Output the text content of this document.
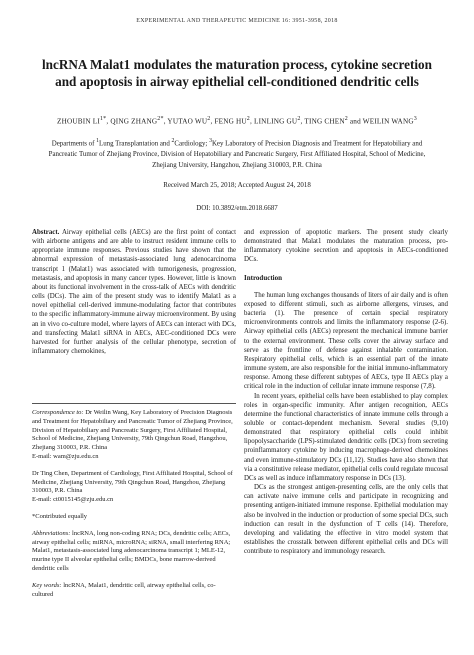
EXPERIMENTAL AND THERAPEUTIC MEDICINE 16: 3951-3958, 2018
lncRNA Malat1 modulates the maturation process, cytokine secretion and apoptosis in airway epithelial cell-conditioned dendritic cells
ZHOUBIN $LI^{1*}$, QING $ZHANG^{2*}$, YUTAO $WU^2$, FENG $HU^2$, LINLING $GU^2$, TING CHEN$^2$ and WEILIN WANG$^3$
Departments of $^1$Lung Transplantation and $^2$Cardiology; $^3$Key Laboratory of Precision Diagnosis and Treatment for Hepatobiliary and Pancreatic Tumor of Zhejiang Province, Division of Hepatobiliary and Pancreatic Surgery, First Affiliated Hospital, School of Medicine, Zhejiang University, Hangzhou, Zhejiang 310003, P.R. China
Received March 25, 2018; Accepted August 24, 2018
DOI: 10.3892/etm.2018.6687

Abstract. Airway epithelial cells (AECs) are the first point of contact with airborne antigens and are able to instruct resident immune cells to appropriate immune responses. Previous studies have shown that the abnormal expression of metastasis-associated lung adenocarcinoma transcript 1 (Malat1) was associated with tumorigenesis, progression, metastasis, and apoptosis in many cancer types. However, little is known about its functional involvement in the cross-talk of AECs with dendritic cells (DCs). The aim of the present study was to identify Malat1 as a novel epithelial cell-derived immune-modulating factor that contributes to the specific inflammatory-immune airway microenvironment. By using an in vivo co-culture model, where layers of AECs can interact with DCs, and transfecting Malat1 siRNA in AECs, AEC-conditioned DCs were harvested for further analysis of the cellular phenotype, secretion of inflammatory chemokines,

Correspondence to: Dr Weilin Wang, Key Laboratory of Precision Diagnosis and Treatment for Hepatobiliary and Pancreatic Tumor of Zhejiang Province, Division of Hepatobiliary and Pancreatic Surgery, First Affiliated Hospital, School of Medicine, Zhejiang University, 79th Qingchun Road, Hangzhou, Zhejiang 310003, P.R. China
E-mail: wam@zju.edu.cn

Dr Ting Chen, Department of Cardiology, First Affiliated Hospital, School of Medicine, Zhejiang University, 79th Qingchun Road, Hangzhou, Zhejiang 310003, P.R. China
E-mail: ct0015145@zju.edu.cn

*Contributed equally

Abbreviations: lncRNA, long non-coding RNA; DCs, dendritic cells; AECs, airway epithelial cells; miRNA, microRNA; siRNA, small interfering RNA; Malat1, metastasis-associated lung adenocarcinoma transcript 1; MLE-12, murine type II alveolar epithelial cells; BMDCs, bone marrow-derived dendritic cells

Key words: lncRNA, Malat1, dendritic cell, airway epithelial cells, co-cultured

and expression of apoptotic markers. The present study clearly demonstrated that Malat1 modulates the maturation process, pro-inflammatory cytokine secretion and apoptosis in AECs-conditioned DCs.

Introduction

The human lung exchanges thousands of liters of air daily and is often exposed to different stimuli, such as airborne allergens, viruses, and bacteria (1). The presence of certain special respiratory microenvironments controls and limits the inflammatory response (2-6). Airway epithelial cells (AECs) represent the mechanical immune barrier to the external environment. These cells cover the airway surface and serve as the frontline of defense against inhalable contamination. Respiratory epithelial cells, which is an essential part of the innate immune system, are also responsible for the initial immuno-inflammatory response. Among these different subtypes of AECs, type II AECs play a critical role in the induction of cellular innate immune response (7,8).

In recent years, epithelial cells have been established to play complex roles in organ-specific immunity. After antigen recognition, AECs determine the functional characteristics of innate immune cells through a soluble or contact-dependent mechanism. Several studies (9,10) demonstrated that respiratory epithelial cells could inhibit lipopolysaccharide (LPS)-stimulated dendritic cells (DCs) from secreting proinflammatory cytokine by inducing macrophage-derived chemokines and even immune-stimulatory DCs (11,12). Studies have also shown that via a constitutive release mediator, epithelial cells could regulate mucosal DCs as well as induce inflammatory response in DCs (13).

DCs as the strongest antigen-presenting cells, are the only cells that can activate naive immune cells and participate in recognizing and presenting antigen-initiated immune response. Epithelial modulation may also be involved in the induction or production of some special DCs, such induction can result in the dysfunction of T cells (14). Therefore, developing and validating the effective in vitro model system that establishes the crosstalk between different epithelial cells and DCs will contribute to respiratory and immunology research.
